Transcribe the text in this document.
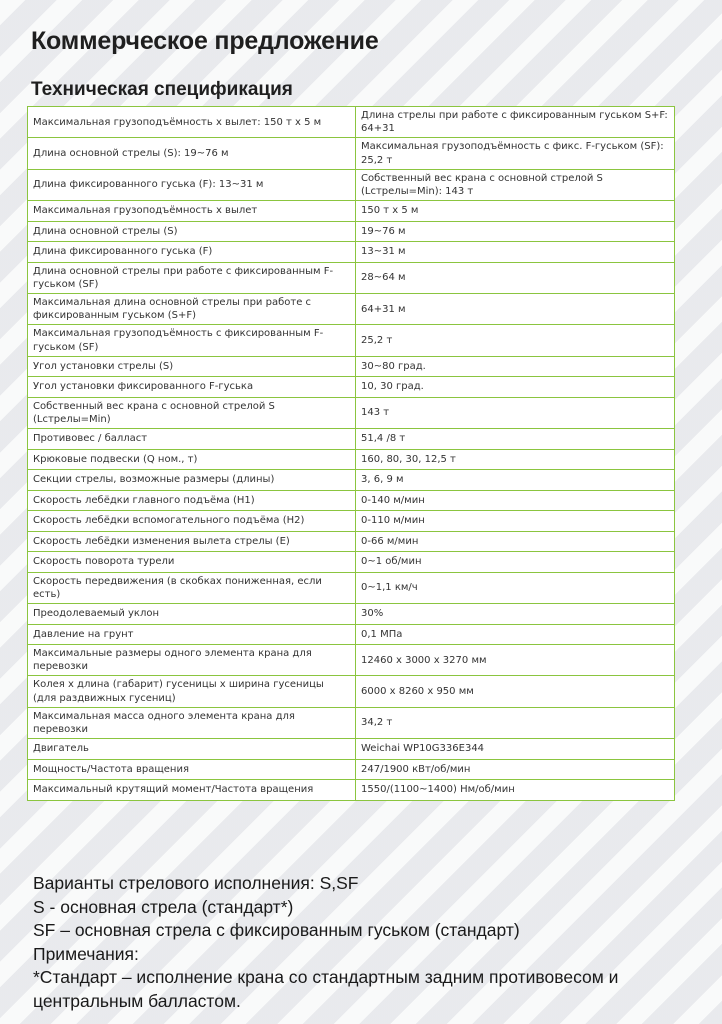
Коммерческое предложение
Техническая спецификация
Максимальная грузоподъёмность х вылет: 150 т х 5 м	Длина стрелы при работе с фиксированным гуськом S+F: 64+31
Длина основной стрелы (S): 19~76 м	Максимальная грузоподъёмность с фикс. F-гуськом (SF): 25,2 т
Длина фиксированного гуська (F): 13~31 м	Собственный вес крана с основной стрелой S (Lстрелы=Min): 143 т
Максимальная грузоподъёмность х вылет	150 т х 5 м
Длина основной стрелы (S)	19~76 м
Длина фиксированного гуська (F)	13~31 м
Длина основной стрелы при работе с фиксированным F-гуськом (SF)	28~64 м
Максимальная длина основной стрелы при работе с фиксированным гуськом (S+F)	64+31 м
Максимальная грузоподъёмность с фиксированным F-гуськом (SF)	25,2 т
Угол установки стрелы (S)	30~80 град.
Угол установки фиксированного F-гуська	10, 30 град.
Собственный вес крана с основной стрелой S (Lстрелы=Min)	143 т
Противовес / балласт	51,4 /8 т
Крюковые подвески (Q ном., т)	160, 80, 30, 12,5 т
Секции стрелы, возможные размеры (длины)	3, 6, 9 м
Скорость лебёдки главного подъёма (H1)	0-140 м/мин
Скорость лебёдки вспомогательного подъёма (H2)	0-110 м/мин
Скорость лебёдки изменения вылета стрелы (E)	0-66 м/мин
Скорость поворота турели	0~1 об/мин
Скорость передвижения (в скобках пониженная, если есть)	0~1,1 км/ч
Преодолеваемый уклон	30%
Давление на грунт	0,1 МПа
Максимальные размеры одного элемента крана для перевозки	12460 х 3000 х 3270 мм
Колея х длина (габарит) гусеницы х ширина гусеницы (для раздвижных гусениц)	6000 х 8260 х 950 мм
Максимальная масса одного элемента крана для перевозки	34,2 т
Двигатель	Weichai WP10G336E344
Мощность/Частота вращения	247/1900 кВт/об/мин
Максимальный крутящий момент/Частота вращения	1550/(1100~1400) Нм/об/мин
Варианты стрелового исполнения: S,SF
S - основная стрела (стандарт*)
SF – основная стрела с фиксированным гуськом (стандарт)
Примечания:
*Стандарт – исполнение крана со стандартным задним противовесом и центральным балластом.
